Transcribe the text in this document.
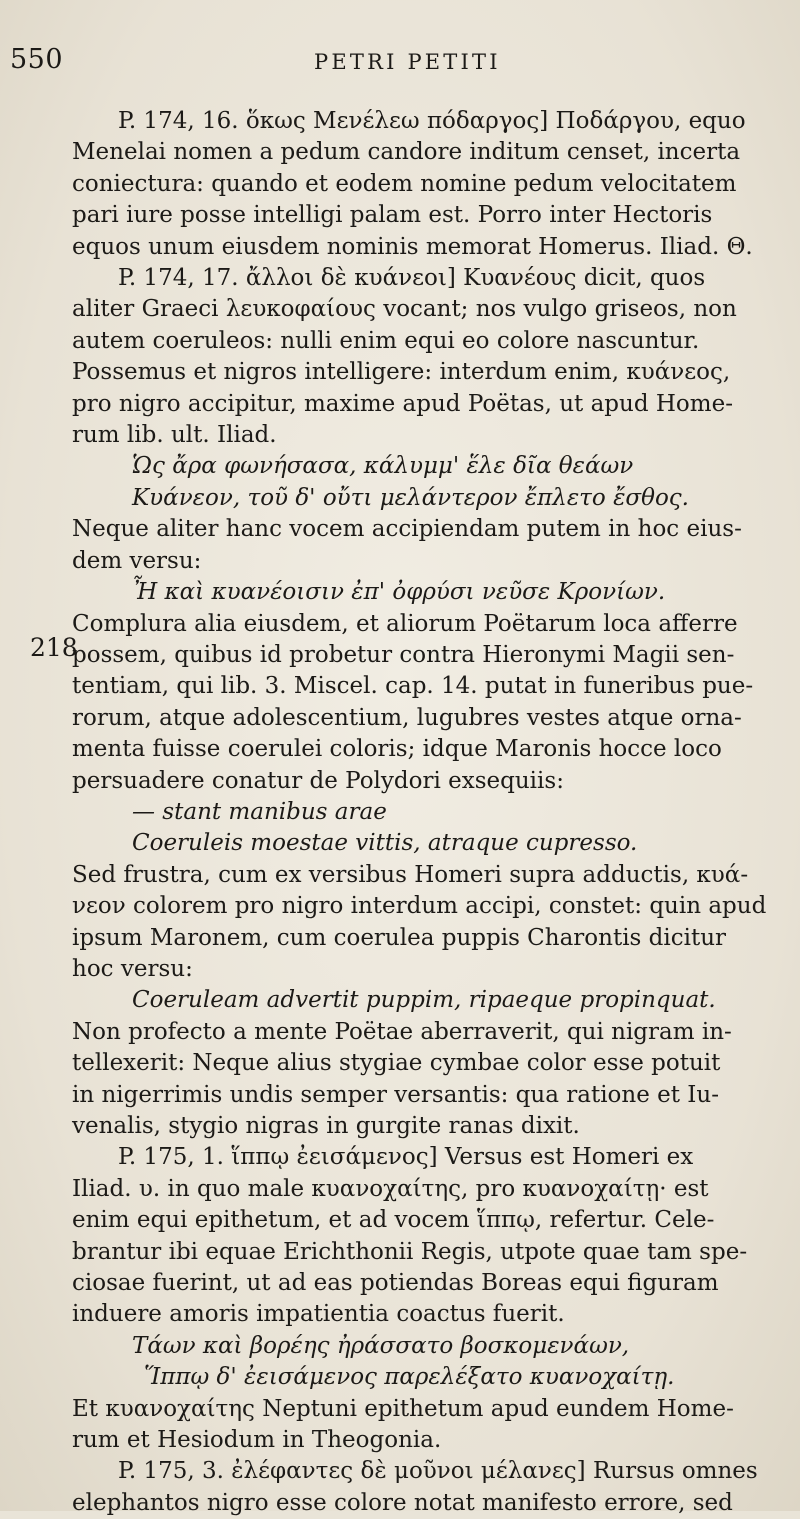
550	PETRI PETITI
218

P. 174, 16. ὅκως Μενέλεω πόδαργος] Ποδάργου, equo

Menelai nomen a pedum candore inditum censet, incerta

coniectura: quando et eodem nomine pedum velocitatem

pari iure posse intelligi palam est. Porro inter Hectoris

equos unum eiusdem nominis memorat Homerus. Iliad. Θ.

P. 174, 17. ἄλλοι δὲ κυάνεοι] Κυανέους dicit, quos

aliter Graeci λευκοφαίους vocant; nos vulgo griseos, non

autem coeruleos: nulli enim equi eo colore nascuntur.

Possemus et nigros intelligere: interdum enim, κυάνεος,

pro nigro accipitur, maxime apud Poëtas, ut apud Home-

rum lib. ult. Iliad.

Ὡς ἄρα φωνήσασα, κάλυμμ' ἕλε δῖα θεάων

Κυάνεον, τοῦ δ' οὔτι μελάντερον ἔπλετο ἔσθος.

Neque aliter hanc vocem accipiendam putem in hoc eius-

dem versu:

Ἦ καὶ κυανέοισιν ἐπ' ὀφρύσι νεῦσε Κρονίων.

Complura alia eiusdem, et aliorum Poëtarum loca afferre

possem, quibus id probetur contra Hieronymi Magii sen-

tentiam, qui lib. 3. Miscel. cap. 14. putat in funeribus pue-

rorum, atque adolescentium, lugubres vestes atque orna-

menta fuisse coerulei coloris; idque Maronis hocce loco

persuadere conatur de Polydori exsequiis:

— stant manibus arae

Coeruleis moestae vittis, atraque cupresso.

Sed frustra, cum ex versibus Homeri supra adductis, κυά-

νεον colorem pro nigro interdum accipi, constet: quin apud

ipsum Maronem, cum coerulea puppis Charontis dicitur

hoc versu:

Coeruleam advertit puppim, ripaeque propinquat.

Non profecto a mente Poëtae aberraverit, qui nigram in-

tellexerit: Neque alius stygiae cymbae color esse potuit

in nigerrimis undis semper versantis: qua ratione et Iu-

venalis, stygio nigras in gurgite ranas dixit.

P. 175, 1. ἵππῳ ἐεισάμενος] Versus est Homeri ex

Iliad. υ. in quo male κυανοχαίτης, pro κυανοχαίτῃ· est

enim equi epithetum, et ad vocem ἵππῳ, refertur. Cele-

brantur ibi equae Erichthonii Regis, utpote quae tam spe-

ciosae fuerint, ut ad eas potiendas Boreas equi figuram

induere amoris impatientia coactus fuerit.

Τάων καὶ βορέης ἠράσσατο βοσκομενάων,

Ἵππῳ δ' ἐεισάμενος παρελέξατο κυανοχαίτῃ.

Et κυανοχαίτης Neptuni epithetum apud eundem Home-

rum et Hesiodum in Theogonia.

P. 175, 3. ἐλέφαντες δὲ μοῦνοι μέλανες] Rursus omnes

elephantos nigro esse colore notat manifesto errore, sed
